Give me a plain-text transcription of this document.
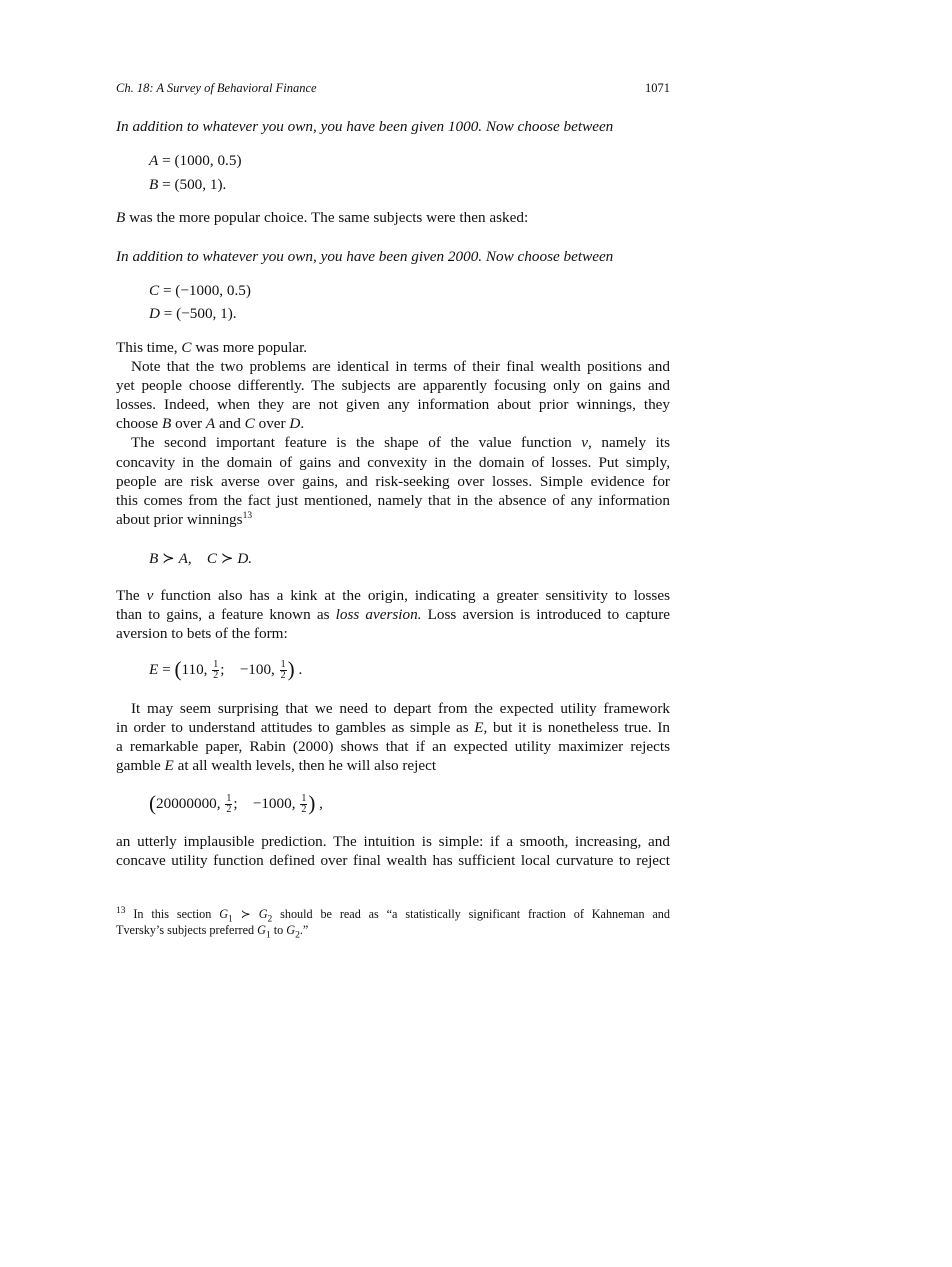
Ch. 18: A Survey of Behavioral Finance	1071
In addition to whatever you own, you have been given 1000. Now choose between
A = (1000, 0.5)
B = (500, 1).
B was the more popular choice. The same subjects were then asked:
In addition to whatever you own, you have been given 2000. Now choose between
C = (−1000, 0.5)
D = (−500, 1).
This time, C was more popular.
Note that the two problems are identical in terms of their final wealth positions and
yet people choose differently. The subjects are apparently focusing only on gains and
losses. Indeed, when they are not given any information about prior winnings, they
choose B over A and C over D.
The second important feature is the shape of the value function v, namely its
concavity in the domain of gains and convexity in the domain of losses. Put simply,
people are risk averse over gains, and risk-seeking over losses. Simple evidence for
this comes from the fact just mentioned, namely that in the absence of any information
about prior winnings$^{13}$
B ≻ A, C ≻ D.
The v function also has a kink at the origin, indicating a greater sensitivity to losses
than to gains, a feature known as loss aversion. Loss aversion is introduced to capture
aversion to bets of the form:
E = (110, $\frac{1}{2}$ ; −100, $\frac{1}{2}$ ) .
It may seem surprising that we need to depart from the expected utility framework
in order to understand attitudes to gambles as simple as E, but it is nonetheless true. In
a remarkable paper, Rabin (2000) shows that if an expected utility maximizer rejects
gamble E at all wealth levels, then he will also reject
(20000000, $\frac{1}{2}$ ; −1000, $\frac{1}{2}$ ) ,
an utterly implausible prediction. The intuition is simple: if a smooth, increasing, and
concave utility function defined over final wealth has sufficient local curvature to reject
$^{13}$ In this section $G_1$ ≻ $G_2$ should be read as “a statistically significant fraction of Kahneman and
Tversky’s subjects preferred $G_1$ to $G_2$.”
